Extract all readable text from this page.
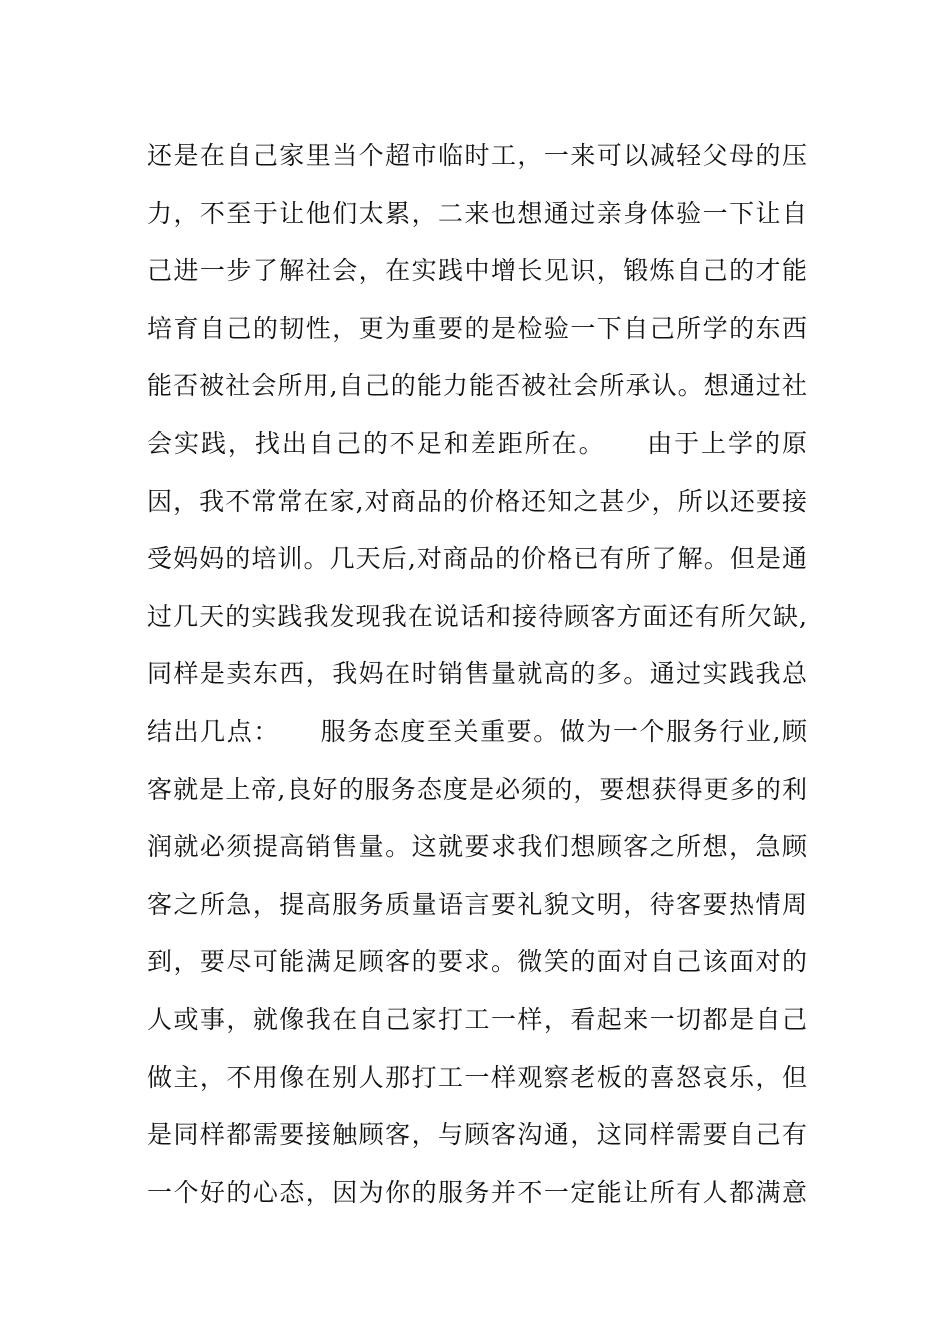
还是在自己家里当个超市临时工，一来可以减轻父母的压
力，不至于让他们太累，二来也想通过亲身体验一下让自
己进一步了解社会，在实践中增长见识，锻炼自己的才能
培育自己的韧性，更为重要的是检验一下自己所学的东西
能否被社会所用,自己的能力能否被社会所承认。想通过社
会实践，找出自己的不足和差距所在。　　由于上学的原
因，我不常常在家,对商品的价格还知之甚少，所以还要接
受妈妈的培训。几天后,对商品的价格已有所了解。但是通
过几天的实践我发现我在说话和接待顾客方面还有所欠缺,
同样是卖东西，我妈在时销售量就高的多。通过实践我总
结出几点：　　服务态度至关重要。做为一个服务行业,顾
客就是上帝,良好的服务态度是必须的，要想获得更多的利
润就必须提高销售量。这就要求我们想顾客之所想，急顾
客之所急，提高服务质量语言要礼貌文明，待客要热情周
到，要尽可能满足顾客的要求。微笑的面对自己该面对的
人或事，就像我在自己家打工一样，看起来一切都是自己
做主，不用像在别人那打工一样观察老板的喜怒哀乐，但
是同样都需要接触顾客，与顾客沟通，这同样需要自己有
一个好的心态，因为你的服务并不一定能让所有人都满意
